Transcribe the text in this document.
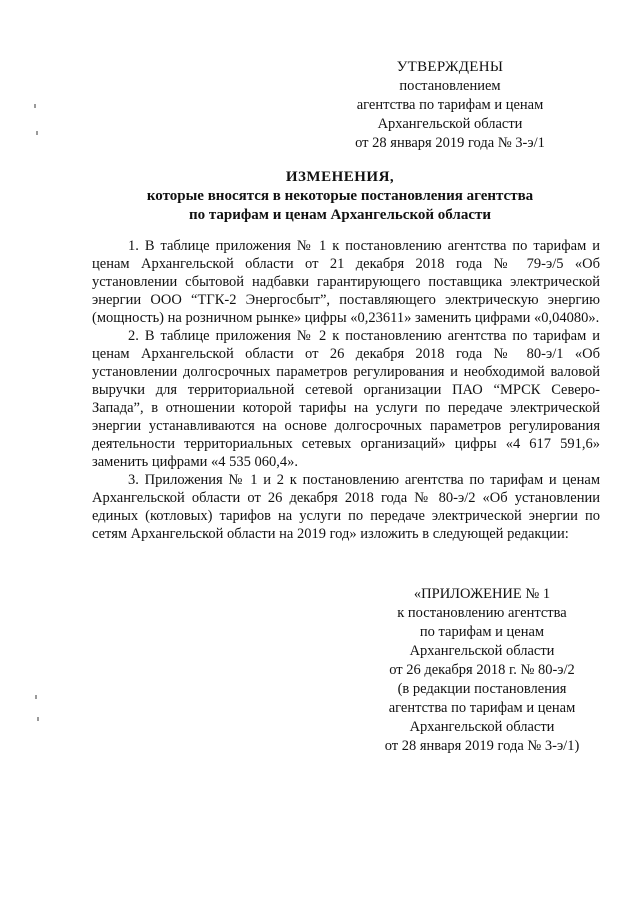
УТВЕРЖДЕНЫ
постановлением
агентства по тарифам и ценам
Архангельской области
от 28 января 2019 года № 3-э/1
ИЗМЕНЕНИЯ,
которые вносятся в некоторые постановления агентства
по тарифам и ценам Архангельской области

1. В таблице приложения № 1 к постановлению агентства по тарифам и ценам Архангельской области от 21 декабря 2018 года № 79-э/5 «Об установлении сбытовой надбавки гарантирующего поставщика электрической энергии ООО “ТГК-2 Энергосбыт”, поставляющего электрическую энергию (мощность) на розничном рынке» цифры «0,23611» заменить цифрами «0,04080».

2. В таблице приложения № 2 к постановлению агентства по тарифам и ценам Архангельской области от 26 декабря 2018 года № 80-э/1 «Об установлении долгосрочных параметров регулирования и необходимой валовой выручки для территориальной сетевой организации ПАО “МРСК Северо-Запада”, в отношении которой тарифы на услуги по передаче электрической энергии устанавливаются на основе долгосрочных параметров регулирования деятельности территориальных сетевых организаций» цифры «4 617 591,6» заменить цифрами «4 535 060,4».

3. Приложения № 1 и 2 к постановлению агентства по тарифам и ценам Архангельской области от 26 декабря 2018 года № 80-э/2 «Об установлении единых (котловых) тарифов на услуги по передаче электрической энергии по сетям Архангельской области на 2019 год» изложить в следующей редакции:

«ПРИЛОЖЕНИЕ № 1
к постановлению агентства
по тарифам и ценам
Архангельской области
от 26 декабря 2018 г. № 80-э/2
(в редакции постановления
агентства по тарифам и ценам
Архангельской области
от 28 января 2019 года № 3-э/1)
